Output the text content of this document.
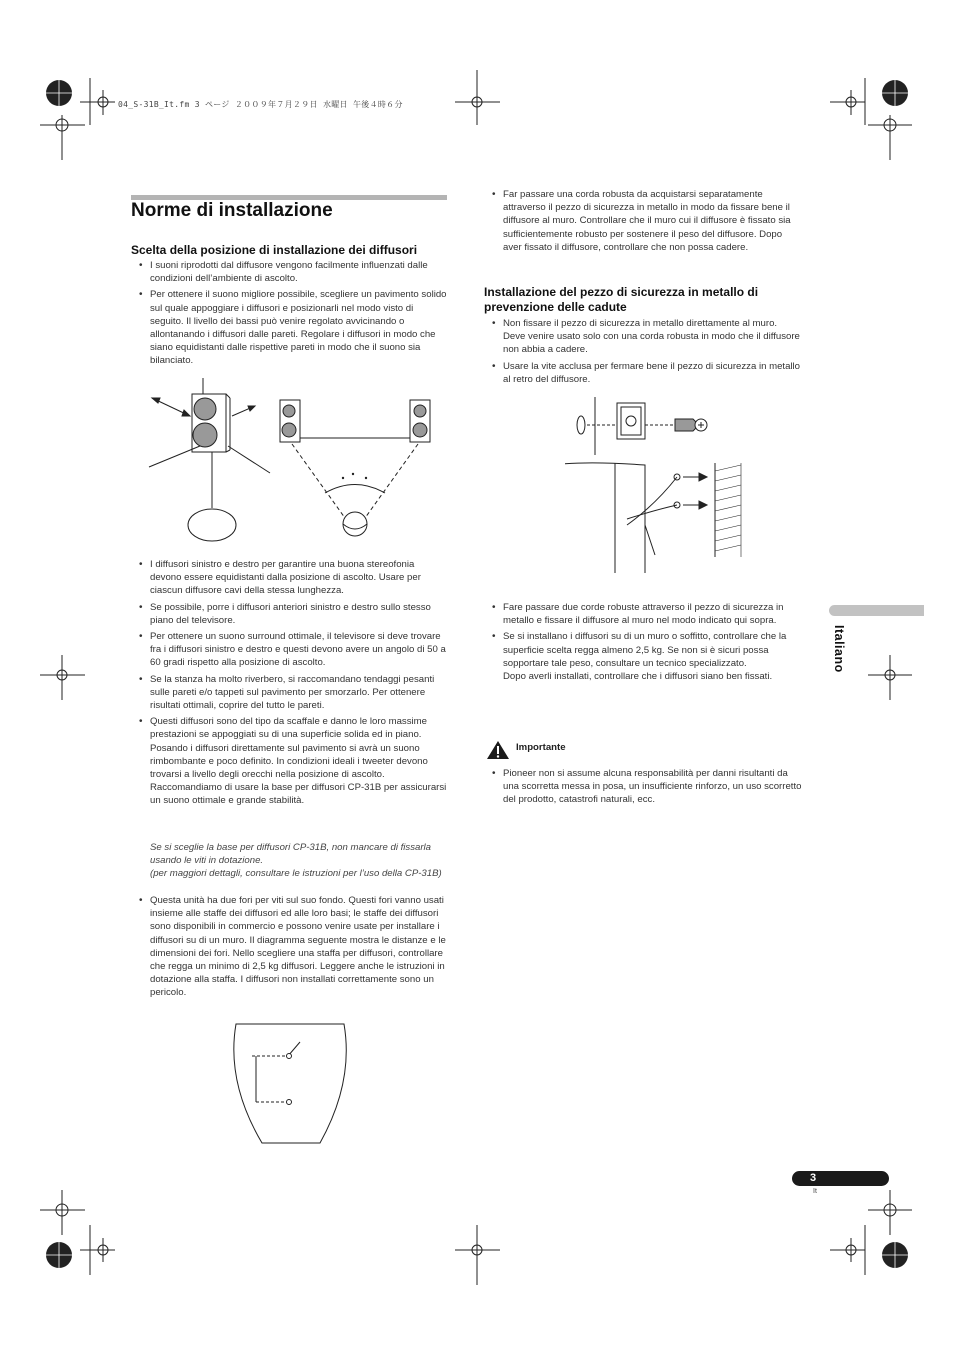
04_S-31B_It.fm 3 ページ ２００９年７月２９日 水曜日 午後４時６分
Norme di installazione
Scelta della posizione di installazione dei diffusori
• I suoni riprodotti dal diffusore vengono facilmente influenzati dalle condizioni dell’ambiente di ascolto.
• Per ottenere il suono migliore possibile, scegliere un pavimento solido sul quale appoggiare i diffusori e posizionarli nel modo visto di seguito. Il livello dei bassi può venire regolato avvicinando o allontanando i diffusori dalle pareti. Regolare i diffusori in modo che siano equidistanti dalle rispettive pareti in modo che il suono sia bilanciato.
• I diffusori sinistro e destro per garantire una buona stereofonia devono essere equidistanti dalla posizione di ascolto. Usare per ciascun diffusore cavi della stessa lunghezza.
• Se possibile, porre i diffusori anteriori sinistro e destro sullo stesso piano del televisore.
• Per ottenere un suono surround ottimale, il televisore si deve trovare fra i diffusori sinistro e destro e questi devono avere un angolo di 50 a 60 gradi rispetto alla posizione di ascolto.
• Se la stanza ha molto riverbero, si raccomandano tendaggi pesanti sulle pareti e/o tappeti sul pavimento per smorzarlo. Per ottenere risultati ottimali, coprire del tutto le pareti.
• Questi diffusori sono del tipo da scaffale e danno le loro massime prestazioni se appoggiati su di una superficie solida ed in piano. Posando i diffusori direttamente sul pavimento si avrà un suono rimbombante e poco definito. In condizioni ideali i tweeter devono trovarsi a livello degli orecchi nella posizione di ascolto. Raccomandiamo di usare la base per diffusori CP-31B per assicurarsi un suono ottimale e grande stabilità.
Se si sceglie la base per diffusori CP-31B, non mancare di fissarla usando le viti in dotazione.
(per maggiori dettagli, consultare le istruzioni per l’uso della CP-31B)
• Questa unità ha due fori per viti sul suo fondo. Questi fori vanno usati insieme alle staffe dei diffusori ed alle loro basi; le staffe dei diffusori sono disponibili in commercio e possono venire usate per installare i diffusori su di un muro. Il diagramma seguente mostra le distanze e le dimensioni dei fori. Nello scegliere una staffa per diffusori, controllare che regga un minimo di 2,5 kg diffusori. Leggere anche le istruzioni in dotazione alla staffa. I diffusori non installati correttamente sono un pericolo.
• Far passare una corda robusta da acquistarsi separatamente attraverso il pezzo di sicurezza in metallo in modo da fissare bene il diffusore al muro. Controllare che il muro cui il diffusore è fissato sia sufficientemente robusto per sostenere il peso del diffusore. Dopo aver fissato il diffusore, controllare che non possa cadere.
Installazione del pezzo di sicurezza in metallo di prevenzione delle cadute
• Non fissare il pezzo di sicurezza in metallo direttamente al muro. Deve venire usato solo con una corda robusta in modo che il diffusore non abbia a cadere.
• Usare la vite acclusa per fermare bene il pezzo di sicurezza in metallo al retro del diffusore.
• Fare passare due corde robuste attraverso il pezzo di sicurezza in metallo e fissare il diffusore al muro nel modo indicato qui sopra.
• Se si installano i diffusori su di un muro o soffitto, controllare che la superficie scelta regga almeno 2,5 kg. Se non si è sicuri possa sopportare tale peso, consultare un tecnico specializzato.
Dopo averli installati, controllare che i diffusori siano ben fissati.
Importante
• Pioneer non si assume alcuna responsabilità per danni risultanti da una scorretta messa in posa, un insufficiente rinforzo, un uso scorretto del prodotto, catastrofi naturali, ecc.
Italiano
3
It
